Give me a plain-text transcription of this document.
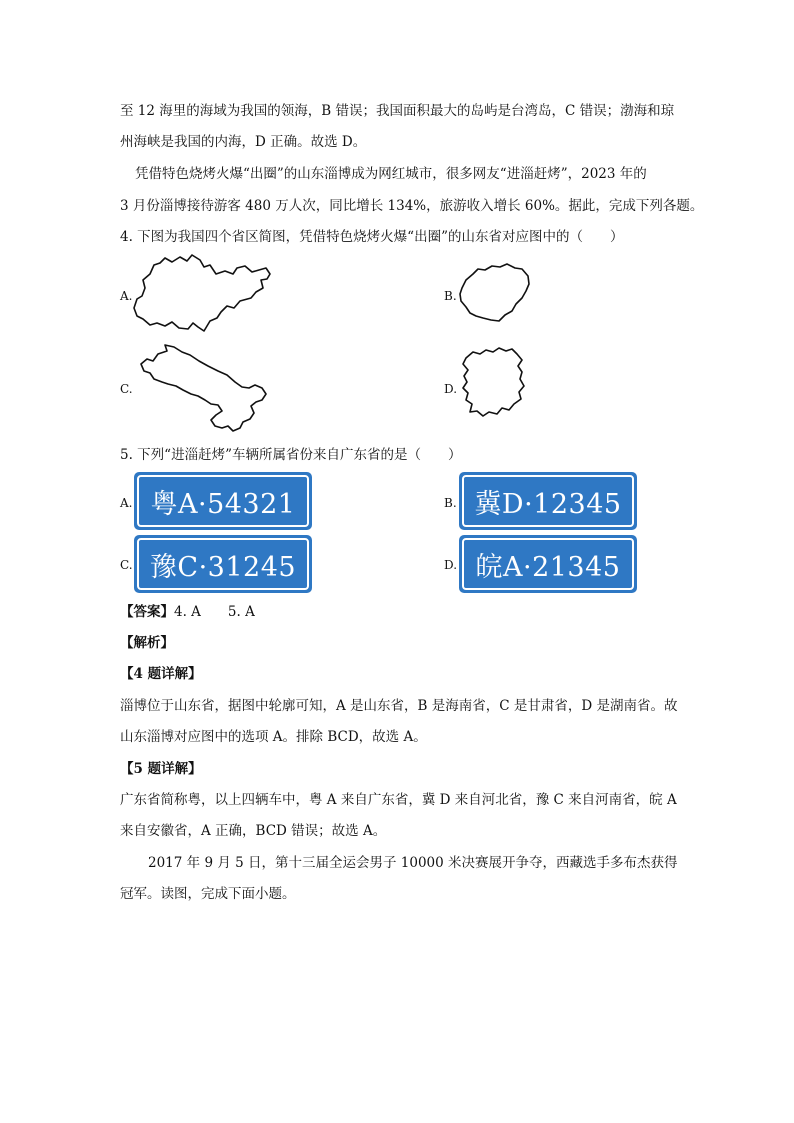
至 12 海里的海域为我国的领海，B 错误；我国面积最大的岛屿是台湾岛，C 错误；渤海和琼
州海峡是我国的内海，D 正确。故选 D。
凭借特色烧烤火爆“出圈”的山东淄博成为网红城市，很多网友“进淄赶烤”，2023 年的
3 月份淄博接待游客 480 万人次，同比增长 134%，旅游收入增长 60%。据此，完成下列各题。
4. 下图为我国四个省区简图，凭借特色烧烤火爆“出圈”的山东省对应图中的（　　）
A.	B.
C.	D.
5. 下列“进淄赶烤”车辆所属省份来自广东省的是（　　）
A. 粤A·54321	B. 冀D·12345
C. 豫C·31245	D. 皖A·21345
【答案】4. A　　5. A
【解析】
【4 题详解】
淄博位于山东省，据图中轮廓可知，A 是山东省，B 是海南省，C 是甘肃省，D 是湖南省。故
山东淄博对应图中的选项 A。排除 BCD，故选 A。
【5 题详解】
广东省简称粤，以上四辆车中，粤 A 来自广东省，冀 D 来自河北省，豫 C 来自河南省，皖 A
来自安徽省，A 正确，BCD 错误；故选 A。
2017 年 9 月 5 日，第十三届全运会男子 10000 米决赛展开争夺，西藏选手多布杰获得
冠军。读图，完成下面小题。
